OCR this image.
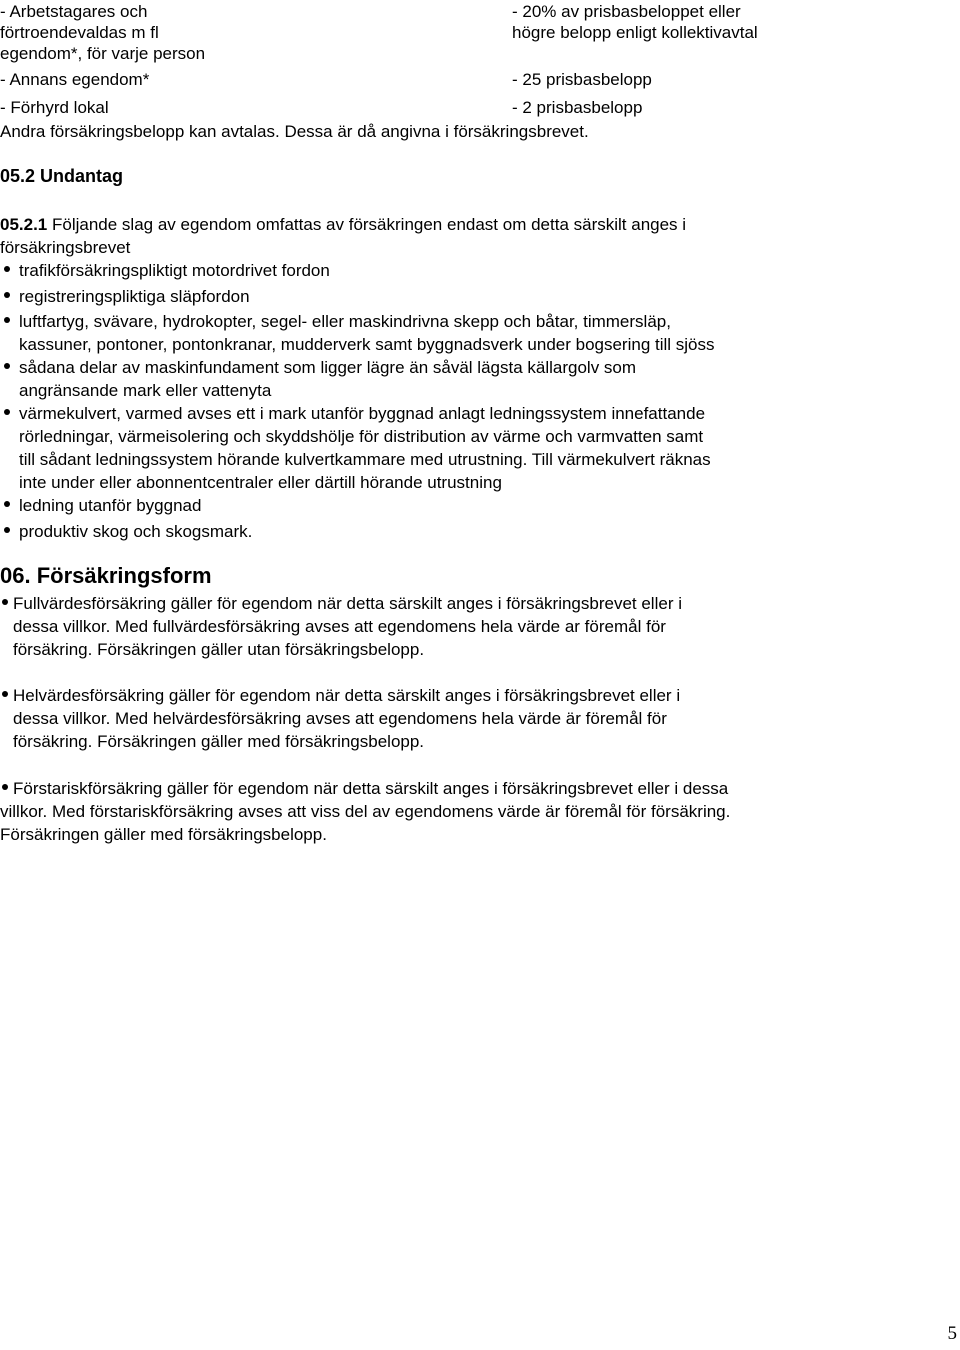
- Arbetstagares och
förtroendevaldas m fl
egendom*, för varje person
- 20% av prisbasbeloppet eller
högre belopp enligt kollektivavtal
- Annans egendom*	- 25 prisbasbelopp
- Förhyrd lokal	- 2 prisbasbelopp
Andra försäkringsbelopp kan avtalas. Dessa är då angivna i försäkringsbrevet.
05.2 Undantag
05.2.1 Följande slag av egendom omfattas av försäkringen endast om detta särskilt anges i
försäkringsbrevet
trafikförsäkringspliktigt motordrivet fordon
registreringspliktiga släpfordon
luftfartyg, svävare, hydrokopter, segel- eller maskindrivna skepp och båtar, timmersläp,
kassuner, pontoner, pontonkranar, mudderverk samt byggnadsverk under bogsering till sjöss
sådana delar av maskinfundament som ligger lägre än såväl lägsta källargolv som
angränsande mark eller vattenyta
värmekulvert, varmed avses ett i mark utanför byggnad anlagt ledningssystem innefattande
rörledningar, värmeisolering och skyddshölje för distribution av värme och varmvatten samt
till sådant ledningssystem hörande kulvertkammare med utrustning. Till värmekulvert räknas
inte under eller abonnentcentraler eller därtill hörande utrustning
ledning utanför byggnad
produktiv skog och skogsmark.
06. Försäkringsform
Fullvärdesförsäkring gäller för egendom när detta särskilt anges i försäkringsbrevet eller i
dessa villkor. Med fullvärdesförsäkring avses att egendomens hela värde ar föremål för
försäkring. Försäkringen gäller utan försäkringsbelopp.
Helvärdesförsäkring gäller för egendom när detta särskilt anges i försäkringsbrevet eller i
dessa villkor. Med helvärdesförsäkring avses att egendomens hela värde är föremål för
försäkring. Försäkringen gäller med försäkringsbelopp.
Förstariskförsäkring gäller för egendom när detta särskilt anges i försäkringsbrevet eller i dessa
villkor. Med förstariskförsäkring avses att viss del av egendomens värde är föremål för försäkring.
Försäkringen gäller med försäkringsbelopp.
5
